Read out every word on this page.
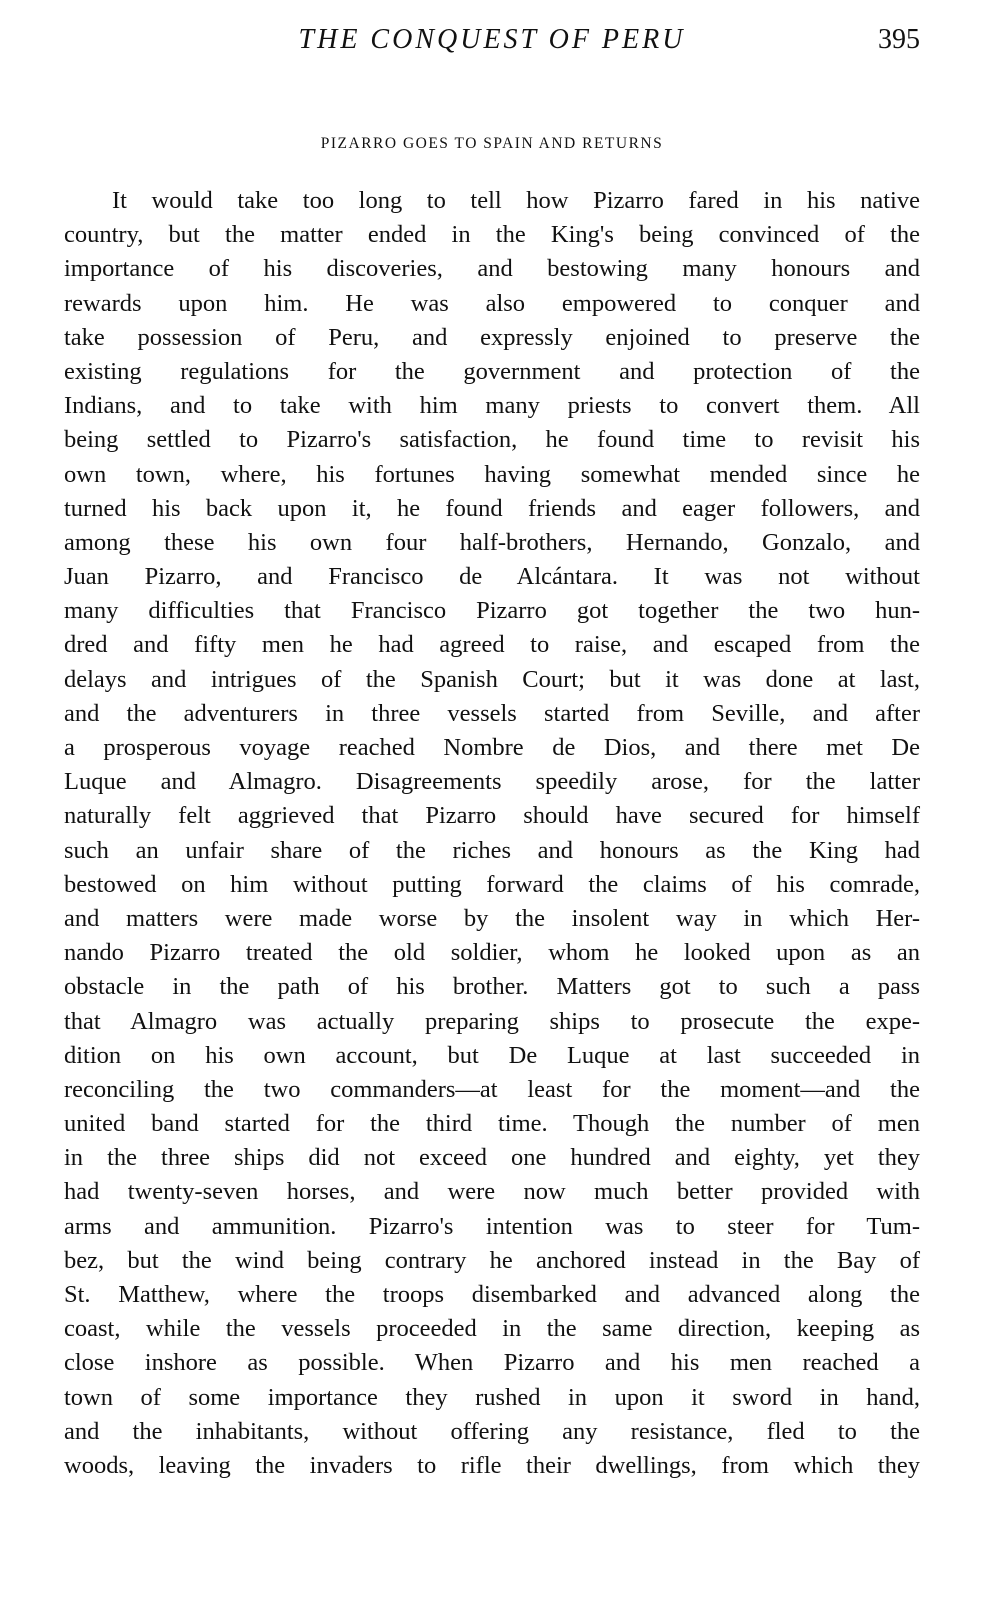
THE CONQUEST OF PERU	395
PIZARRO GOES TO SPAIN AND RETURNS
It would take too long to tell how Pizarro fared in his native
country, but the matter ended in the King's being convinced of the
importance of his discoveries, and bestowing many honours and
rewards upon him. He was also empowered to conquer and
take possession of Peru, and expressly enjoined to preserve the
existing regulations for the government and protection of the
Indians, and to take with him many priests to convert them. All
being settled to Pizarro's satisfaction, he found time to revisit his
own town, where, his fortunes having somewhat mended since he
turned his back upon it, he found friends and eager followers, and
among these his own four half-brothers, Hernando, Gonzalo, and
Juan Pizarro, and Francisco de Alcántara. It was not without
many difficulties that Francisco Pizarro got together the two hun-
dred and fifty men he had agreed to raise, and escaped from the
delays and intrigues of the Spanish Court; but it was done at last,
and the adventurers in three vessels started from Seville, and after
a prosperous voyage reached Nombre de Dios, and there met De
Luque and Almagro. Disagreements speedily arose, for the latter
naturally felt aggrieved that Pizarro should have secured for himself
such an unfair share of the riches and honours as the King had
bestowed on him without putting forward the claims of his comrade,
and matters were made worse by the insolent way in which Her-
nando Pizarro treated the old soldier, whom he looked upon as an
obstacle in the path of his brother. Matters got to such a pass
that Almagro was actually preparing ships to prosecute the expe-
dition on his own account, but De Luque at last succeeded in
reconciling the two commanders—at least for the moment—and the
united band started for the third time. Though the number of men
in the three ships did not exceed one hundred and eighty, yet they
had twenty-seven horses, and were now much better provided with
arms and ammunition. Pizarro's intention was to steer for Tum-
bez, but the wind being contrary he anchored instead in the Bay of
St. Matthew, where the troops disembarked and advanced along the
coast, while the vessels proceeded in the same direction, keeping as
close inshore as possible. When Pizarro and his men reached a
town of some importance they rushed in upon it sword in hand,
and the inhabitants, without offering any resistance, fled to the
woods, leaving the invaders to rifle their dwellings, from which they
